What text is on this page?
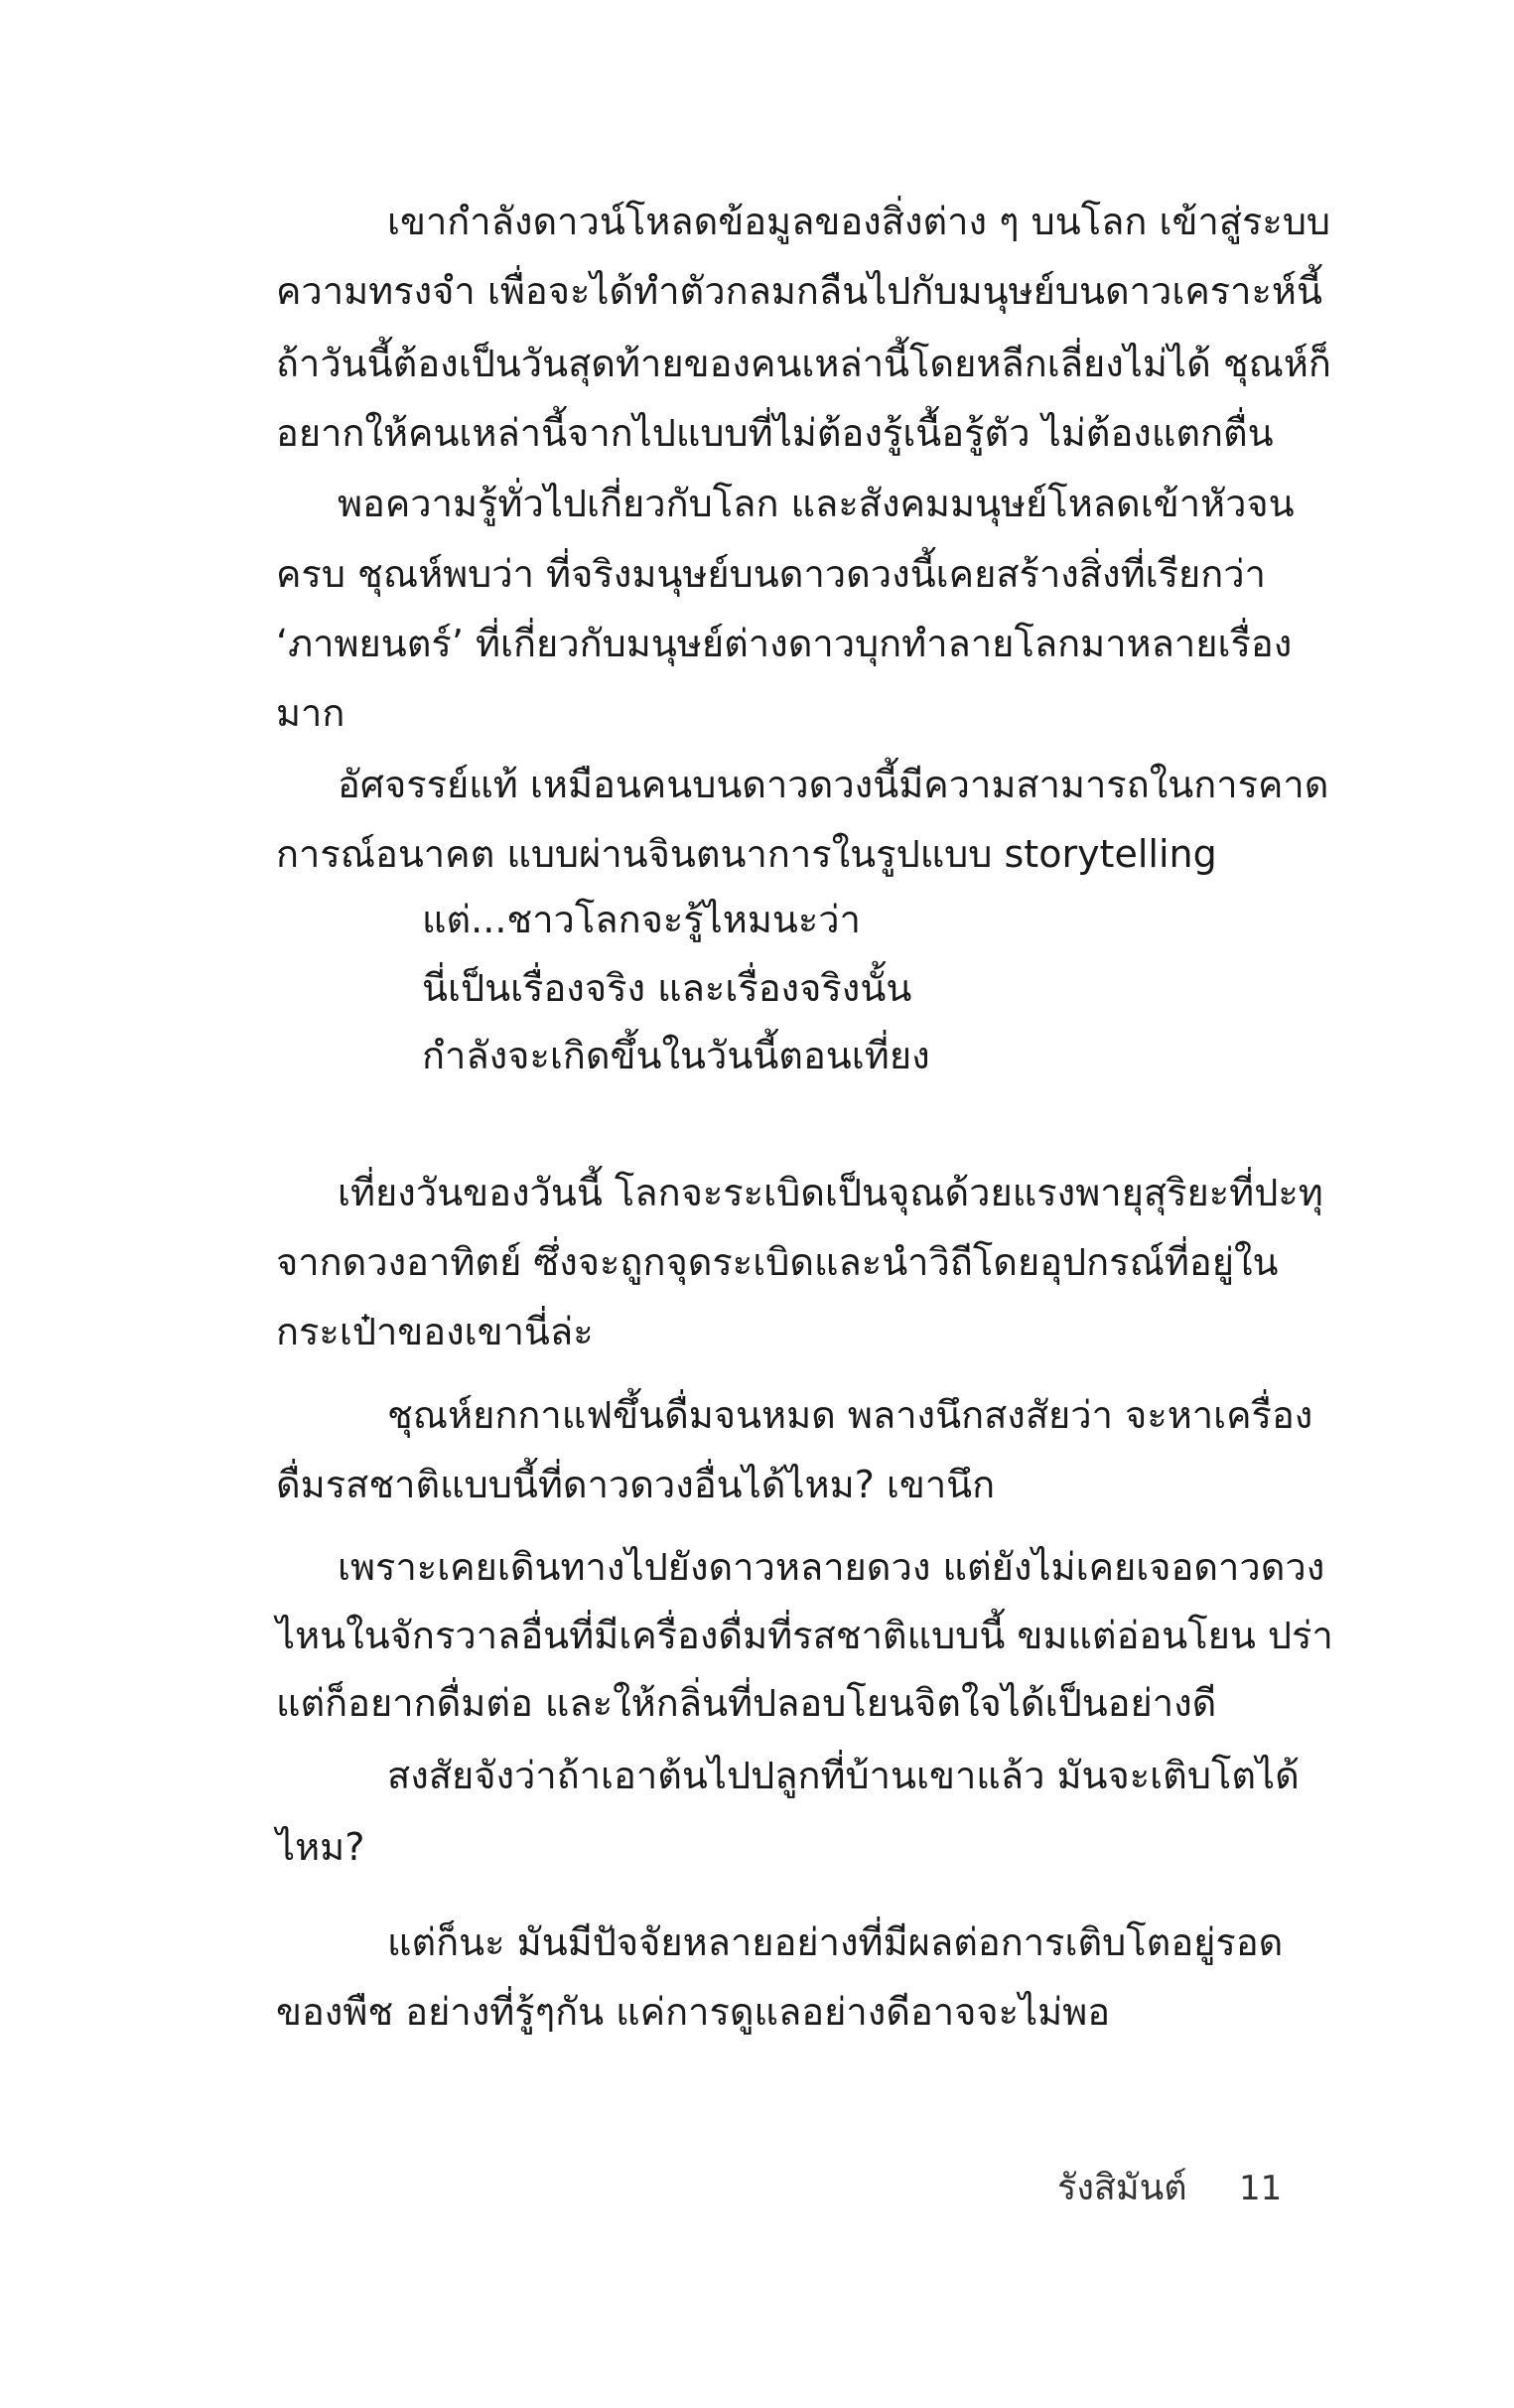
เขากำลังดาวน์โหลดข้อมูลของสิ่งต่าง ๆ บนโลก เข้าสู่ระบบ
ความทรงจำ เพื่อจะได้ทำตัวกลมกลืนไปกับมนุษย์บนดาวเคราะห์นี้
ถ้าวันนี้ต้องเป็นวันสุดท้ายของคนเหล่านี้โดยหลีกเลี่ยงไม่ได้ ชุณห์ก็
อยากให้คนเหล่านี้จากไปแบบที่ไม่ต้องรู้เนื้อรู้ตัว ไม่ต้องแตกตื่น
พอความรู้ทั่วไปเกี่ยวกับโลก และสังคมมนุษย์โหลดเข้าหัวจน
ครบ ชุณห์พบว่า ที่จริงมนุษย์บนดาวดวงนี้เคยสร้างสิ่งที่เรียกว่า
‘ภาพยนตร์’ ที่เกี่ยวกับมนุษย์ต่างดาวบุกทำลายโลกมาหลายเรื่อง
มาก
อัศจรรย์แท้ เหมือนคนบนดาวดวงนี้มีความสามารถในการคาด
การณ์อนาคต แบบผ่านจินตนาการในรูปแบบ storytelling
แต่...ชาวโลกจะรู้ไหมนะว่า
นี่เป็นเรื่องจริง และเรื่องจริงนั้น
กำลังจะเกิดขึ้นในวันนี้ตอนเที่ยง
เที่ยงวันของวันนี้ โลกจะระเบิดเป็นจุณด้วยแรงพายุสุริยะที่ปะทุ
จากดวงอาทิตย์ ซึ่งจะถูกจุดระเบิดและนำวิถีโดยอุปกรณ์ที่อยู่ใน
กระเป๋าของเขานี่ล่ะ
ชุณห์ยกกาแฟขึ้นดื่มจนหมด พลางนึกสงสัยว่า จะหาเครื่อง
ดื่มรสชาติแบบนี้ที่ดาวดวงอื่นได้ไหม? เขานึก
เพราะเคยเดินทางไปยังดาวหลายดวง แต่ยังไม่เคยเจอดาวดวง
ไหนในจักรวาลอื่นที่มีเครื่องดื่มที่รสชาติแบบนี้ ขมแต่อ่อนโยน ปร่า
แต่ก็อยากดื่มต่อ และให้กลิ่นที่ปลอบโยนจิตใจได้เป็นอย่างดี
สงสัยจังว่าถ้าเอาต้นไปปลูกที่บ้านเขาแล้ว มันจะเติบโตได้
ไหม?
แต่ก็นะ มันมีปัจจัยหลายอย่างที่มีผลต่อการเติบโตอยู่รอด
ของพืช อย่างที่รู้ๆกัน แค่การดูแลอย่างดีอาจจะไม่พอ
รังสิมันต์ 11
